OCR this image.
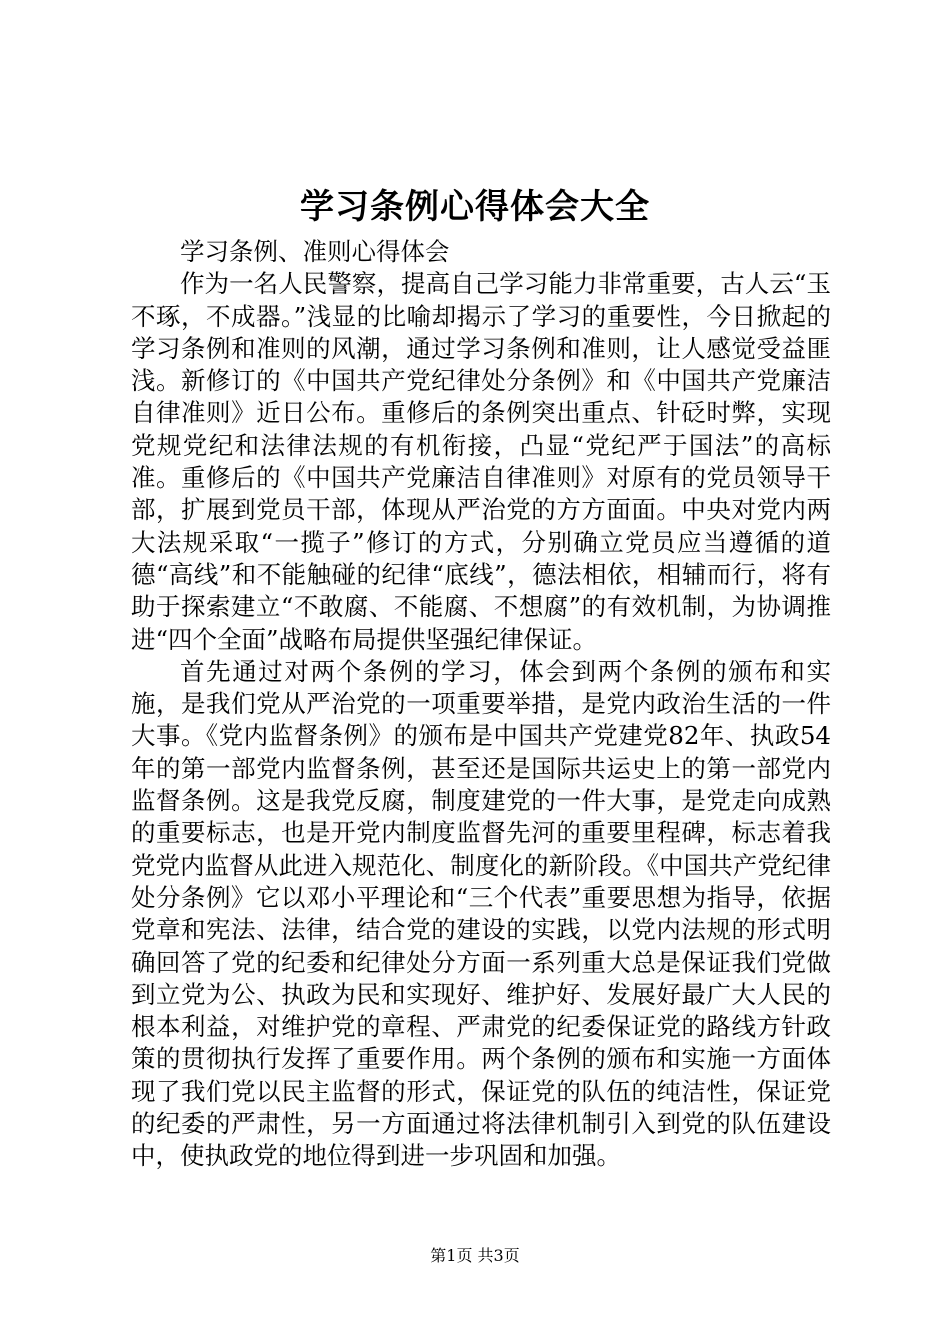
学习条例心得体会大全

学习条例、准则心得体会

作为一名人民警察，提高自己学习能力非常重要，古人云“玉不琢，不成器。”浅显的比喻却揭示了学习的重要性，今日掀起的学习条例和准则的风潮，通过学习条例和准则，让人感觉受益匪浅。新修订的《中国共产党纪律处分条例》和《中国共产党廉洁自律准则》近日公布。重修后的条例突出重点、针砭时弊，实现党规党纪和法律法规的有机衔接，凸显“党纪严于国法”的高标准。重修后的《中国共产党廉洁自律准则》对原有的党员领导干部，扩展到党员干部，体现从严治党的方方面面。中央对党内两大法规采取“一揽子”修订的方式，分别确立党员应当遵循的道德“高线”和不能触碰的纪律“底线”，德法相依，相辅而行，将有助于探索建立“不敢腐、不能腐、不想腐”的有效机制，为协调推进“四个全面”战略布局提供坚强纪律保证。

首先通过对两个条例的学习，体会到两个条例的颁布和实施，是我们党从严治党的一项重要举措，是党内政治生活的一件大事。《党内监督条例》的颁布是中国共产党建党82年、执政54年的第一部党内监督条例，甚至还是国际共运史上的第一部党内监督条例。这是我党反腐，制度建党的一件大事，是党走向成熟的重要标志，也是开党内制度监督先河的重要里程碑，标志着我党党内监督从此进入规范化、制度化的新阶段。《中国共产党纪律处分条例》它以邓小平理论和“三个代表”重要思想为指导，依据党章和宪法、法律，结合党的建设的实践，以党内法规的形式明确回答了党的纪委和纪律处分方面一系列重大总是保证我们党做到立党为公、执政为民和实现好、维护好、发展好最广大人民的根本利益，对维护党的章程、严肃党的纪委保证党的路线方针政策的贯彻执行发挥了重要作用。两个条例的颁布和实施一方面体现了我们党以民主监督的形式，保证党的队伍的纯洁性，保证党的纪委的严肃性，另一方面通过将法律机制引入到党的队伍建设中，使执政党的地位得到进一步巩固和加强。

第1页 共3页
